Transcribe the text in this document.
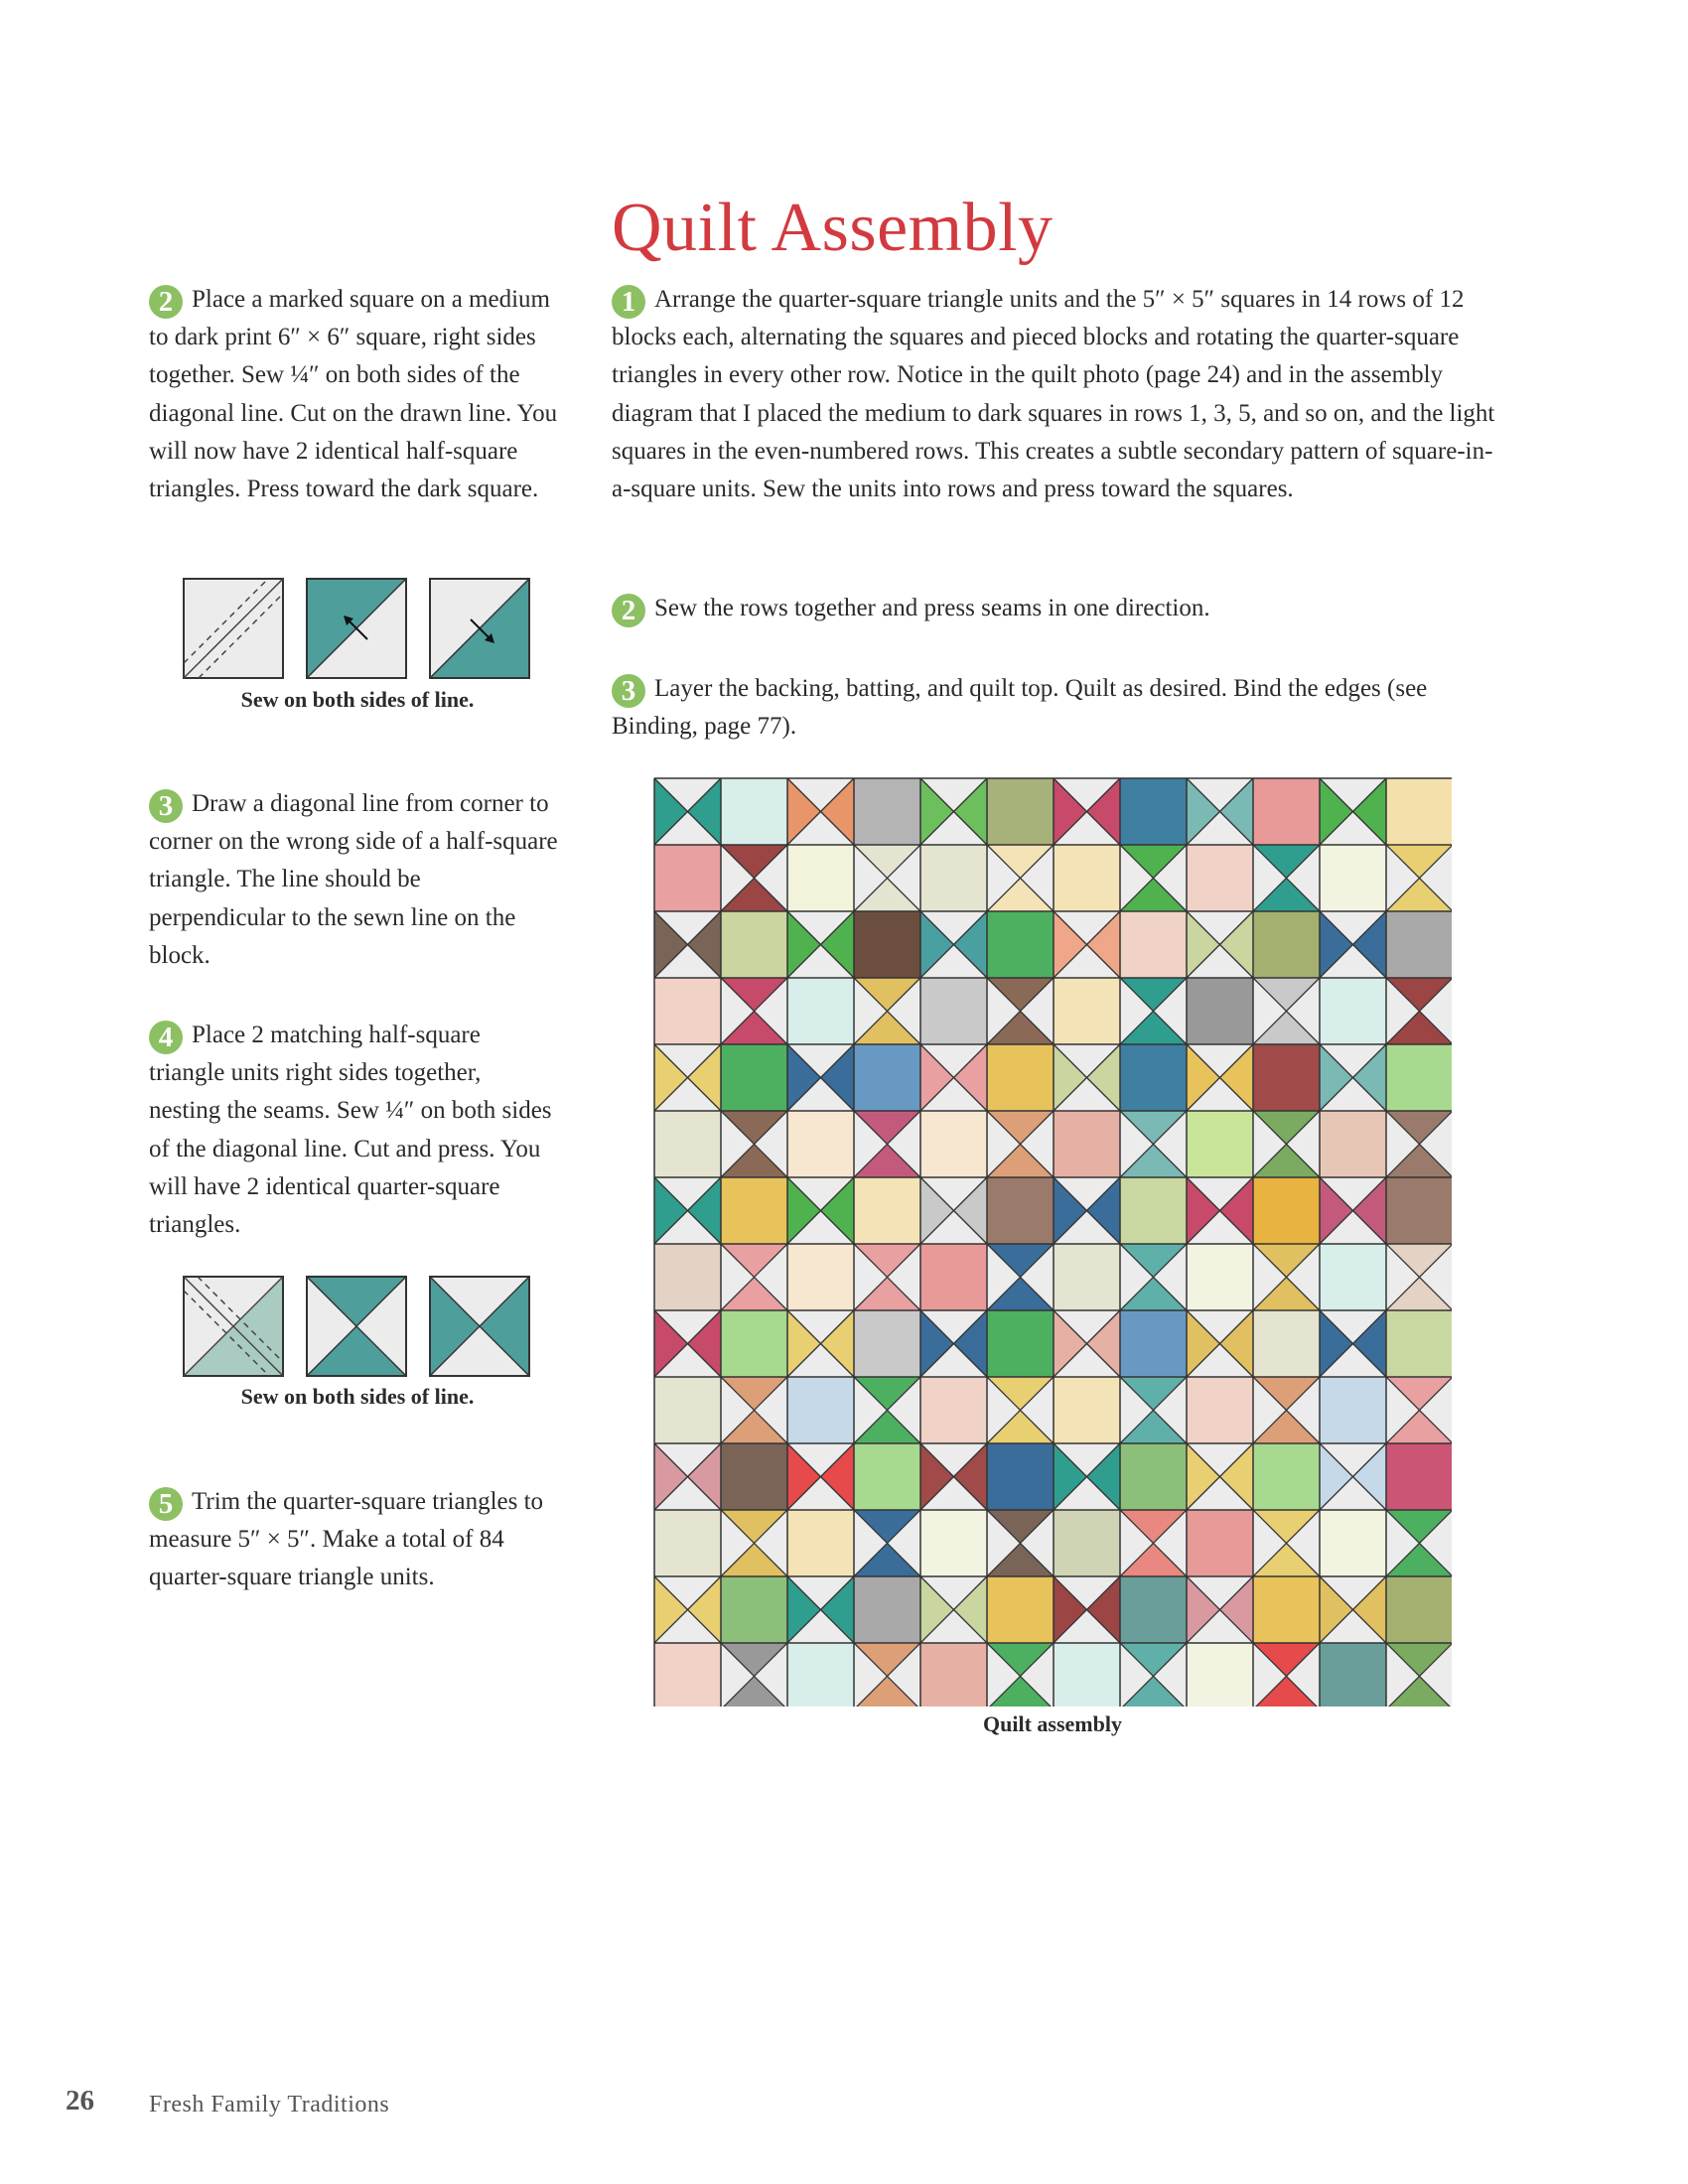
Quilt Assembly

2 Place a marked square on a medium to dark print 6″ × 6″ square, right sides together. Sew ¼″ on both sides of the diagonal line. Cut on the drawn line. You will now have 2 identical half-square triangles. Press toward the dark square.

Sew on both sides of line.

3 Draw a diagonal line from corner to corner on the wrong side of a half-square triangle. The line should be perpendicular to the sewn line on the block.

4 Place 2 matching half-square triangle units right sides together, nesting the seams. Sew ¼″ on both sides of the diagonal line. Cut and press. You will have 2 identical quarter-square triangles.

Sew on both sides of line.

5 Trim the quarter-square triangles to measure 5″ × 5″. Make a total of 84 quarter-square triangle units.

1 Arrange the quarter-square triangle units and the 5″ × 5″ squares in 14 rows of 12 blocks each, alternating the squares and pieced blocks and rotating the quarter-square triangles in every other row. Notice in the quilt photo (page 24) and in the assembly diagram that I placed the medium to dark squares in rows 1, 3, 5, and so on, and the light squares in the even-numbered rows. This creates a subtle secondary pattern of square-in-a-square units. Sew the units into rows and press toward the squares.

2 Sew the rows together and press seams in one direction.

3 Layer the backing, batting, and quilt top. Quilt as desired. Bind the edges (see Binding, page 77).

Quilt assembly

26 Fresh Family Traditions
